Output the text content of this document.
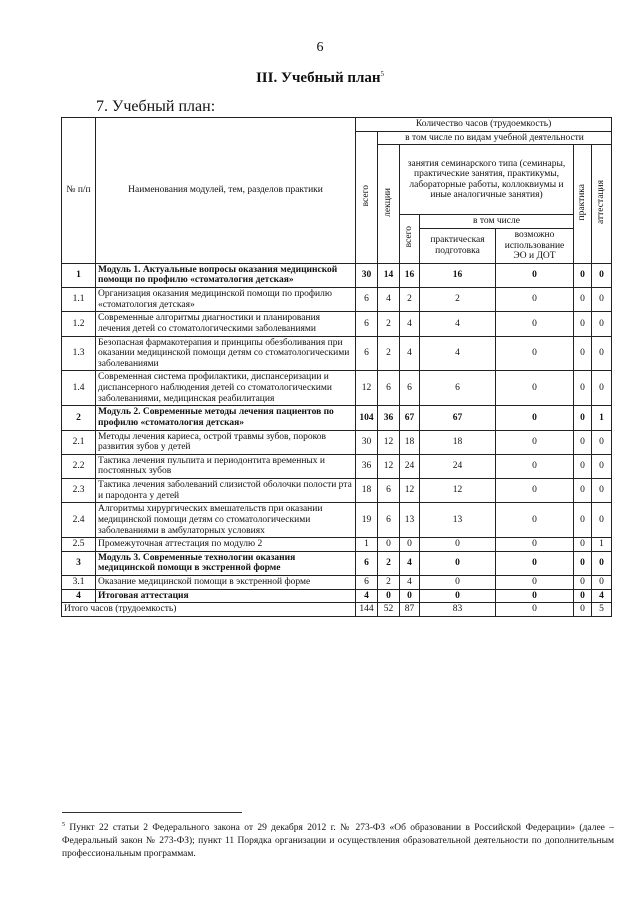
6
III. Учебный план$^5$
7. Учебный план:
№ п/п	Наименования модулей, тем, разделов практики	Количество часов (трудоемкость)						
		всего	в том числе по видам учебной деятельности					
			лекции	занятия семинарского типа (семинары, практические занятия, практикумы, лабораторные работы, коллоквиумы и иные аналогичные занятия)			практика	аттестация
				всего	в том числе			
					практическая подготовка	возможно использование ЭО и ДОТ		
1	Модуль 1. Актуальные вопросы оказания медицинской помощи по профилю «стоматология детская»	30	14	16	16	0	0	0
1.1	Организация оказания медицинской помощи по профилю «стоматология детская»	6	4	2	2	0	0	0
1.2	Современные алгоритмы диагностики и планирования лечения детей со стоматологическими заболеваниями	6	2	4	4	0	0	0
1.3	Безопасная фармакотерапия и принципы обезболивания при оказании медицинской помощи детям со стоматологическими заболеваниями	6	2	4	4	0	0	0
1.4	Современная система профилактики, диспансеризации и диспансерного наблюдения детей со стоматологическими заболеваниями, медицинская реабилитация	12	6	6	6	0	0	0
2	Модуль 2. Современные методы лечения пациентов по профилю «стоматология детская»	104	36	67	67	0	0	1
2.1	Методы лечения кариеса, острой травмы зубов, пороков развития зубов у детей	30	12	18	18	0	0	0
2.2	Тактика лечения пульпита и периодонтита временных и постоянных зубов	36	12	24	24	0	0	0
2.3	Тактика лечения заболеваний слизистой оболочки полости рта и пародонта у детей	18	6	12	12	0	0	0
2.4	Алгоритмы хирургических вмешательств при оказании медицинской помощи детям со стоматологическими заболеваниями в амбулаторных условиях	19	6	13	13	0	0	0
2.5	Промежуточная аттестация по модулю 2	1	0	0	0	0	0	1
3	Модуль 3. Современные технологии оказания медицинской помощи в экстренной форме	6	2	4	0	0	0	0
3.1	Оказание медицинской помощи в экстренной форме	6	2	4	0	0	0	0
4	Итоговая аттестация	4	0	0	0	0	0	4
Итого часов (трудоемкость)		144	52	87	83	0	0	5
$^5$ Пункт 22 статьи 2 Федерального закона от 29 декабря 2012 г. № 273-ФЗ «Об образовании в Российской Федерации» (далее – Федеральный закон № 273-ФЗ); пункт 11 Порядка организации и осуществления образовательной деятельности по дополнительным профессиональным программам.
